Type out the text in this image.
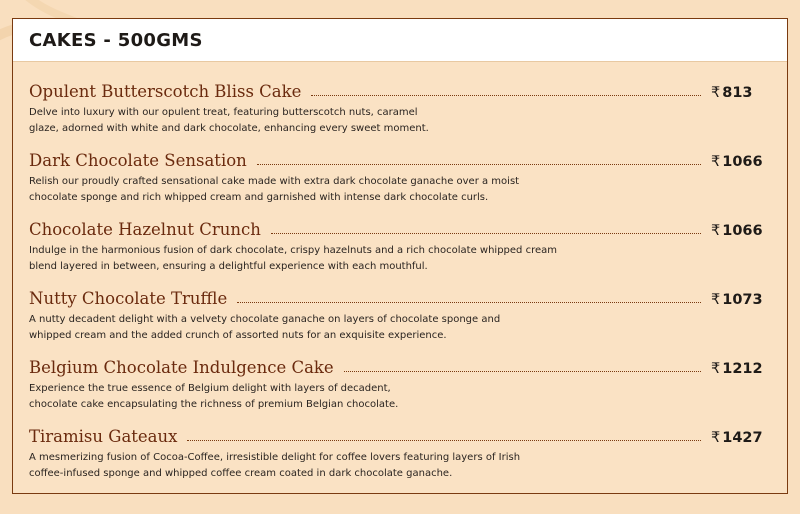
CAKES - 500GMS
Opulent Butterscotch Bliss Cake	₹ 813
Delve into luxury with our opulent treat, featuring butterscotch nuts, caramel
glaze, adorned with white and dark chocolate, enhancing every sweet moment.
Dark Chocolate Sensation	₹ 1066
Relish our proudly crafted sensational cake made with extra dark chocolate ganache over a moist
chocolate sponge and rich whipped cream and garnished with intense dark chocolate curls.
Chocolate Hazelnut Crunch	₹ 1066
Indulge in the harmonious fusion of dark chocolate, crispy hazelnuts and a rich chocolate whipped cream
blend layered in between, ensuring a delightful experience with each mouthful.
Nutty Chocolate Truffle	₹ 1073
A nutty decadent delight with a velvety chocolate ganache on layers of chocolate sponge and
whipped cream and the added crunch of assorted nuts for an exquisite experience.
Belgium Chocolate Indulgence Cake	₹ 1212
Experience the true essence of Belgium delight with layers of decadent,
chocolate cake encapsulating the richness of premium Belgian chocolate.
Tiramisu Gateaux	₹ 1427
A mesmerizing fusion of Cocoa-Coffee, irresistible delight for coffee lovers featuring layers of Irish
coffee-infused sponge and whipped coffee cream coated in dark chocolate ganache.
